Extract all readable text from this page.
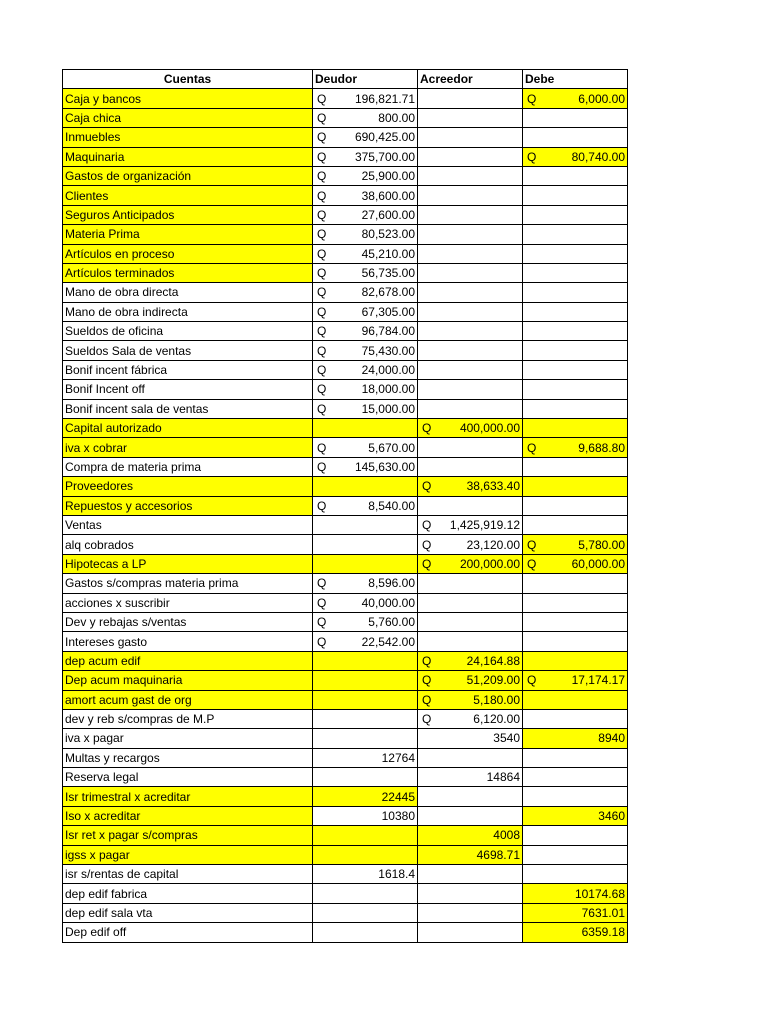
Cuentas	Deudor	Acreedor	Debe
Caja y bancos	Q 196,821.71		Q 6,000.00

Caja chica	Q 800.00		

Inmuebles	Q 690,425.00		

Maquinaria	Q 375,700.00		Q 80,740.00

Gastos de organización	Q 25,900.00		

Clientes	Q 38,600.00		

Seguros Anticipados	Q 27,600.00		

Materia Prima	Q 80,523.00		

Artículos en proceso	Q 45,210.00		

Artículos terminados	Q 56,735.00		

Mano de obra directa	Q 82,678.00		

Mano de obra indirecta	Q 67,305.00		

Sueldos de oficina	Q 96,784.00		

Sueldos Sala de ventas	Q 75,430.00		

Bonif incent fábrica	Q 24,000.00		

Bonif Incent off	Q 18,000.00		

Bonif incent sala de ventas	Q 15,000.00		

Capital autorizado		Q 400,000.00	

iva x cobrar	Q 5,670.00		Q 9,688.80

Compra de materia prima	Q 145,630.00		

Proveedores		Q 38,633.40	

Repuestos y accesorios	Q 8,540.00		

Ventas		Q 1,425,919.12	

alq cobrados		Q 23,120.00	Q 5,780.00

Hipotecas a LP		Q 200,000.00	Q 60,000.00

Gastos s/compras materia prima	Q 8,596.00		

acciones x suscribir	Q 40,000.00		

Dev y rebajas s/ventas	Q 5,760.00		

Intereses gasto	Q 22,542.00		

dep acum edif		Q 24,164.88	

Dep acum maquinaria		Q 51,209.00	Q 17,174.17

amort acum gast de org		Q 5,180.00	

dev y reb s/compras de M.P		Q 6,120.00	

iva x pagar		3540	8940
Multas y recargos	12764		
Reserva legal		14864	
Isr trimestral x acreditar	22445		
Iso x acreditar	10380		3460
Isr ret x pagar s/compras		4008	
igss x pagar		4698.71	
isr s/rentas de capital	1618.4		
dep edif fabrica			10174.68
dep edif sala vta			7631.01
Dep edif off			6359.18
